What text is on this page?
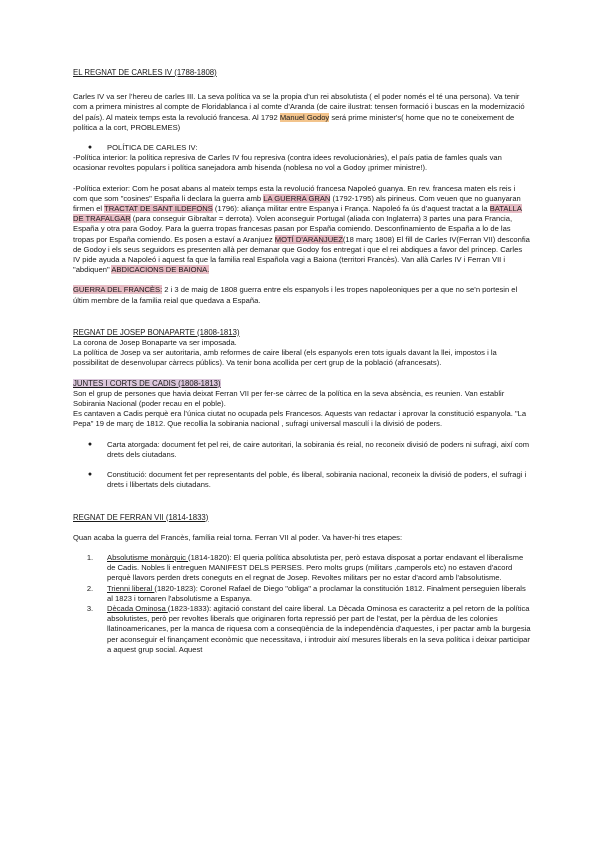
EL REGNAT DE CARLES IV (1788-1808)

Carles IV va ser l’hereu de carles III. La seva política va se la propia d’un rei absolutista ( el poder només el té una persona). Va tenir com a primera ministres al compte de Floridablanca i al comte d’Aranda (de caire ilustrat: tensen formació i buscas en la modernizació del país). Al mateix temps esta la revolució francesa. Al 1792 Manuel Godoy será prime minister's( home que no te coneixement de política a la cort, PROBLEMES)

●	POLÍTICA DE CARLES IV:

-Política interior: la política represiva de Carles IV fou represiva (contra idees revolucionàries), el país patia de famles quals van ocasionar revoltes populars i política sanejadora amb hisenda (noblesa no vol a Godoy ¡primer ministre!).

-Política exterior: Com he posat abans al mateix temps esta la revolució francesa Napoleó guanya. En rev. francesa maten els reis i com que som "cosines" España li declara la guerra amb LA GUERRA GRAN (1792-1795) als pirineus. Com veuen que no guanyaran firmen el TRACTAT DE SANT ILDEFONS (1796): aliança militar entre Espanya i França. Napoleó fa ús d’aquest tractat a la BATALLA DE TRAFALGAR (para conseguir Gibraltar = derrota). Volen aconseguir Portugal (aliada con Inglaterra) 3 partes una para Francia, España y otra para Godoy. Para la guerra tropas francesas pasan por España comiendo. Desconfinamiento de España a lo de las tropas por España comiendo. Es posen a estaví a Aranjuez MOTÍ D'ARANJUEZ(18 març 1808) El fill de Carles IV(Ferran VII) desconfia de Godoy i els seus seguidors es presenten allà per demanar que Godoy fos entregat i que el rei abdiques a favor del princep. Carles IV pide ayuda a Napoleó i aquest fa que la familia real Española vagi a Baiona (territori Francès). Van allà Carles IV i Ferran VII i "abdiquen" ABDICACIONS DE BAIONA.

GUERRA DEL FRANCÈS: 2 i 3 de maig de 1808 guerra entre els espanyols i les tropes napoleoniques per a que no se’n portesin el últim membre de la familia reial que quedava a España.

REGNAT DE JOSEP BONAPARTE (1808-1813)

La corona de Josep Bonaparte va ser imposada.

La política de Josep va ser autoritaria, amb reformes de caire liberal (els espanyols eren tots iguals davant la llei, impostos i la possibilitat de desenvolupar càrrecs públics). Va tenir bona acollida per cert grup de la població (afrancesats).

JUNTES I CORTS DE CADIS (1808-1813)

Son el grup de persones que havia deixat Ferran VII per fer-se càrrec de la política en la seva absència, es reunien. Van establir Sobirania Nacional (poder recau en el poble).

Es cantaven a Cadis perquè era l’única ciutat no ocupada pels Francesos. Aquests van redactar i aprovar la constitució espanyola. "La Pepa" 19 de març de 1812. Que recollia la sobirania nacional , sufragi universal masculí i la divisió de poders.

●	Carta atorgada: document fet pel rei, de caire autoritari, la sobirania és reial, no reconeix divisió de poders ni sufragi, així com drets dels ciutadans.
●	Constitució: document fet per representants del poble, és liberal, sobirania nacional, reconeix la divisió de poders, el sufragi i drets i llibertats dels ciutadans.

REGNAT DE FERRAN VII (1814-1833)

Quan acaba la guerra del Francès, família reial torna. Ferran VII al poder. Va haver-hi tres etapes:

1.	Absolutisme monàrquic (1814-1820): El queria política absolutista per, però estava disposat a portar endavant el liberalisme de Cadis. Nobles li entreguen MANIFEST DELS PERSES. Pero molts grups (militars ,camperols etc) no estaven d'acord perquè llavors perden drets coneguts en el regnat de Josep. Revoltes militars per no estar d'acord amb l'absolutisme.
2.	Trienni liberal (1820-1823): Coronel Rafael de Diego "obliga" a proclamar la constitución 1812. Finalment perseguien liberals al 1823 i tornaren l'absolutisme a Espanya.
3.	Dècada Ominosa (1823-1833): agitació constant del caire liberal. La Dècada Ominosa es caracteritz a pel retorn de la política absolutistes, però per revoltes liberals que originaren forta repressió per part de l'estat, per la pèrdua de les colonies llatinoamericanes, per la manca de riquesa com a conseqüència de la independència d'aquestes, i per pactar amb la burgesia per aconseguir el finançament econòmic que necessitava, i introduir així mesures liberals en la seva política i deixar participar a aquest grup social. Aquest
